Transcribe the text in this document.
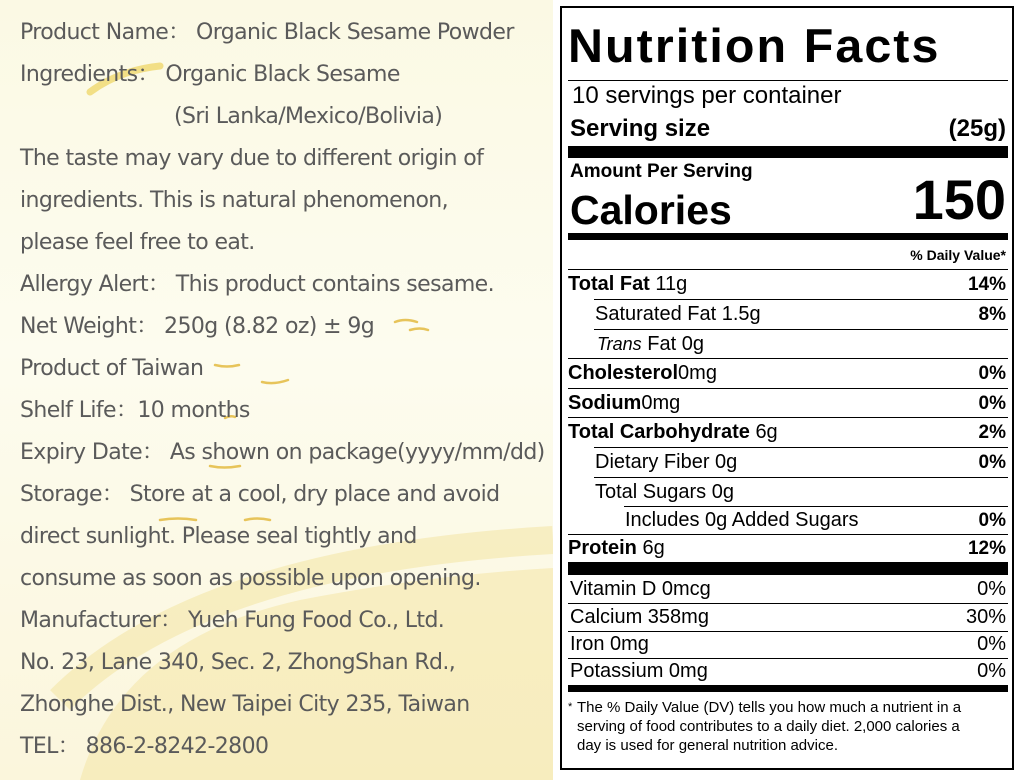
Product Name： Organic Black Sesame Powder
Ingredients： Organic Black Sesame
(Sri Lanka/Mexico/Bolivia)
The taste may vary due to different origin of
ingredients. This is natural phenomenon,
please feel free to eat.
Allergy Alert： This product contains sesame.
Net Weight： 250g (8.82 oz) ± 9g
Product of Taiwan
Shelf Life：10 months
Expiry Date： As shown on package(yyyy/mm/dd)
Storage： Store at a cool, dry place and avoid
direct sunlight. Please seal tightly and
consume as soon as possible upon opening.
Manufacturer： Yueh Fung Food Co., Ltd.
No. 23, Lane 340, Sec. 2, ZhongShan Rd.,
Zhonghe Dist., New Taipei City 235, Taiwan
TEL： 886-2-8242-2800
Nutrition Facts
10 servings per container
Serving size	(25g)
Amount Per Serving
Calories	150
% Daily Value*
Total Fat 11g	14%
Saturated Fat 1.5g	8%
Trans Fat 0g
Cholesterol0mg	0%
Sodium0mg	0%
Total Carbohydrate 6g	2%
Dietary Fiber 0g	0%
Total Sugars 0g
Includes 0g Added Sugars	0%
Protein 6g	12%
Vitamin D 0mcg	0%
Calcium 358mg	30%
Iron 0mg	0%
Potassium 0mg	0%
* The % Daily Value (DV) tells you how much a nutrient in a
serving of food contributes to a daily diet. 2,000 calories a
day is used for general nutrition advice.
